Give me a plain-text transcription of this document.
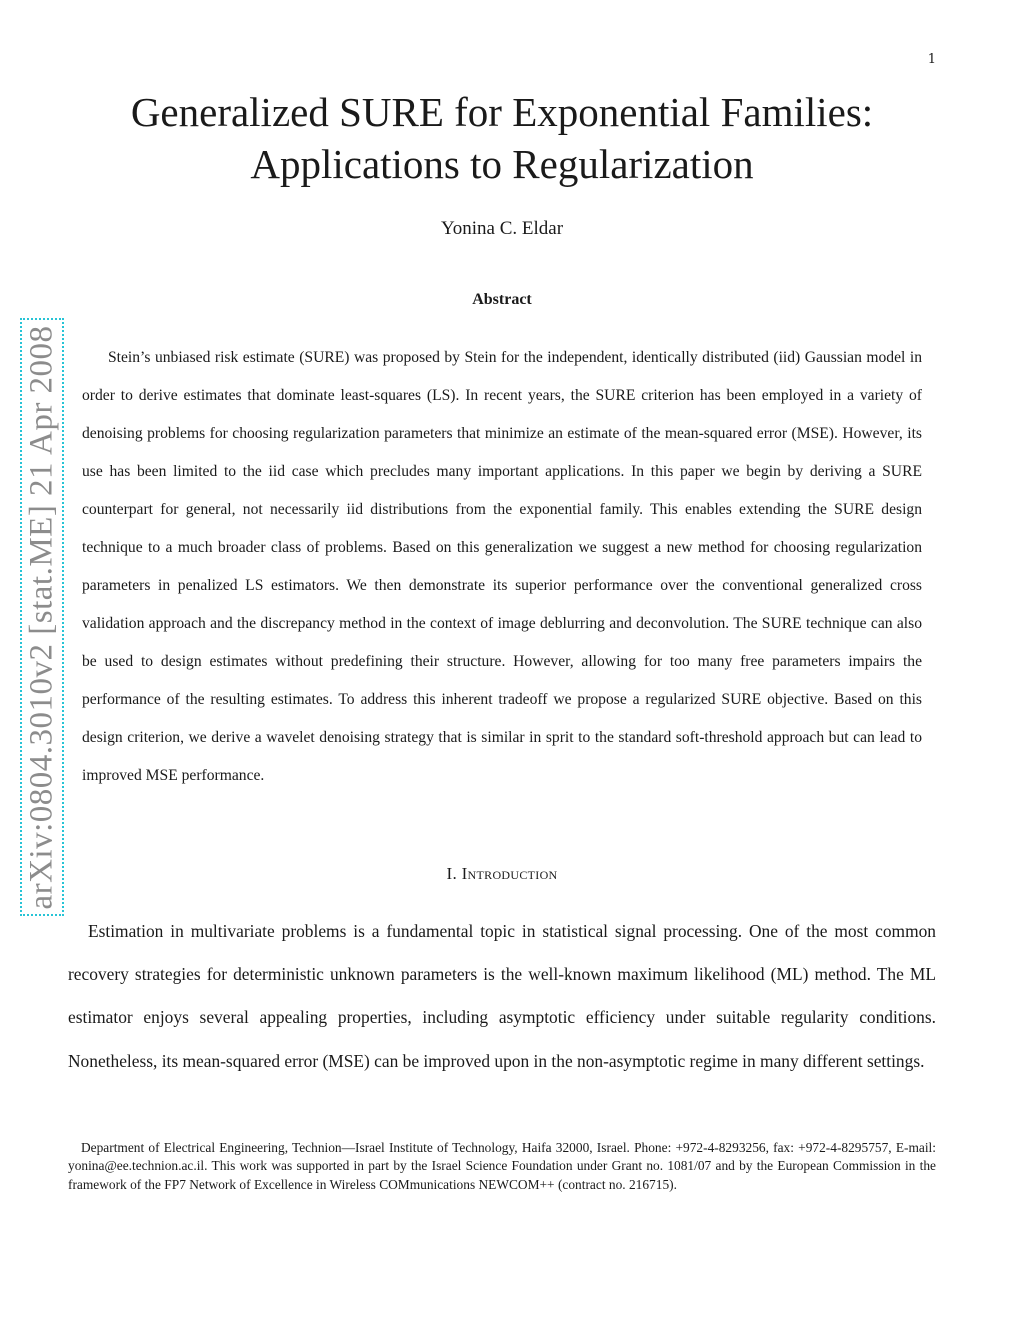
1
arXiv:0804.3010v2 [stat.ME] 21 Apr 2008
Generalized SURE for Exponential Families:
Applications to Regularization
Yonina C. Eldar
Abstract

Stein’s unbiased risk estimate (SURE) was proposed by Stein for the independent, identically distributed (iid) Gaussian model in order to derive estimates that dominate least-squares (LS). In recent years, the SURE criterion has been employed in a variety of denoising problems for choosing regularization parameters that minimize an estimate of the mean-squared error (MSE). However, its use has been limited to the iid case which precludes many important applications. In this paper we begin by deriving a SURE counterpart for general, not necessarily iid distributions from the exponential family. This enables extending the SURE design technique to a much broader class of problems. Based on this generalization we suggest a new method for choosing regularization parameters in penalized LS estimators. We then demonstrate its superior performance over the conventional generalized cross validation approach and the discrepancy method in the context of image deblurring and deconvolution. The SURE technique can also be used to design estimates without predefining their structure. However, allowing for too many free parameters impairs the performance of the resulting estimates. To address this inherent tradeoff we propose a regularized SURE objective. Based on this design criterion, we derive a wavelet denoising strategy that is similar in sprit to the standard soft-threshold approach but can lead to improved MSE performance.

I. Introduction

Estimation in multivariate problems is a fundamental topic in statistical signal processing. One of the most common recovery strategies for deterministic unknown parameters is the well-known maximum likelihood (ML) method. The ML estimator enjoys several appealing properties, including asymptotic efficiency under suitable regularity conditions. Nonetheless, its mean-squared error (MSE) can be improved upon in the non-asymptotic regime in many different settings.

Department of Electrical Engineering, Technion—Israel Institute of Technology, Haifa 32000, Israel. Phone: +972-4-8293256, fax: +972-4-8295757, E-mail: yonina@ee.technion.ac.il. This work was supported in part by the Israel Science Foundation under Grant no. 1081/07 and by the European Commission in the framework of the FP7 Network of Excellence in Wireless COMmunications NEWCOM++ (contract no. 216715).
